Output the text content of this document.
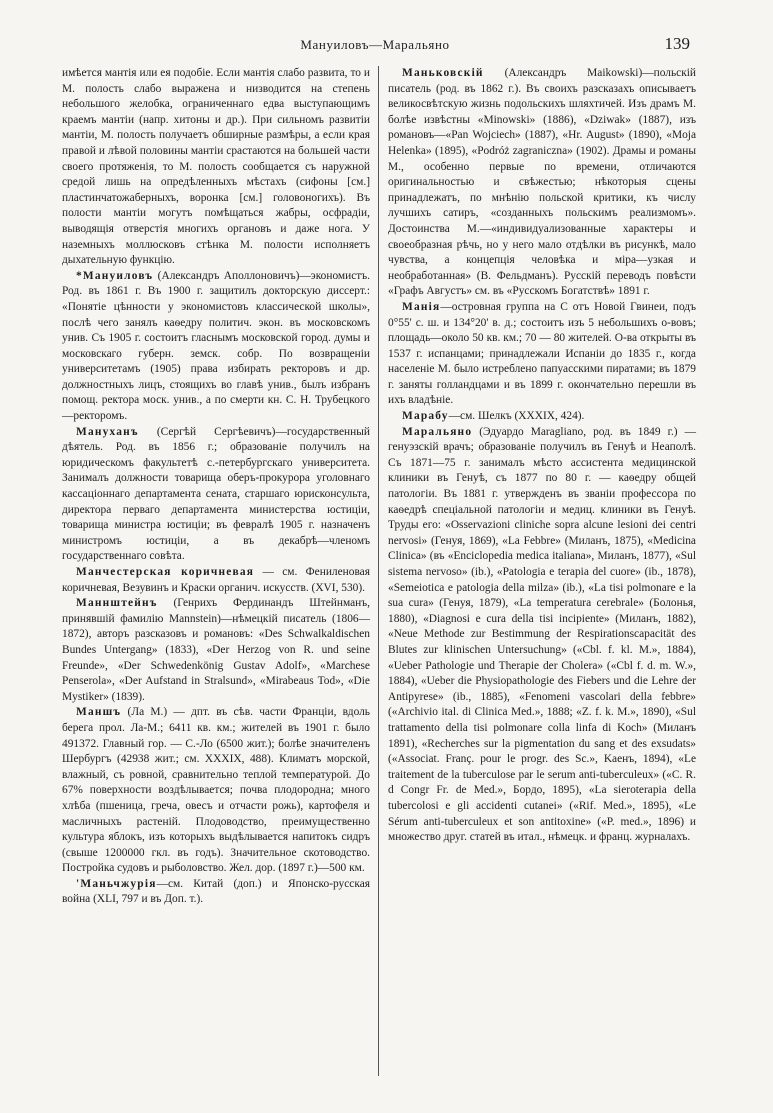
Мануиловъ—Маральяно	139

имѣется мантія или ея подобіе. Если мантія слабо развита, то и М. полость слабо выражена и низводится на степень небольшого желобка, ограниченнаго едва выступающимъ краемъ мантіи (напр. хитоны и др.). При сильномъ развитіи мантіи, М. полость получаетъ обширные размѣры, а если края правой и лѣвой половины мантіи срастаются на большей части своего протяженія, то М. полость сообщается съ наружной средой лишь на опредѣленныхъ мѣстахъ (сифоны [см.] пластинчатожаберныхъ, воронка [см.] головоногихъ). Въ полости мантіи могутъ помѣщаться жабры, осфрадіи, выводящія отверстія многихъ органовъ и даже нога. У наземныхъ моллюсковъ стѣнка М. полости исполняетъ дыхательную функцію.

*Мануиловъ (Александръ Аполлоновичъ)—экономистъ. Род. въ 1861 г. Въ 1900 г. защитилъ докторскую диссерт.: «Понятіе цѣнности у экономистовъ классической школы», послѣ чего занялъ каѳедру политич. экон. въ московскомъ унив. Съ 1905 г. состоитъ гласнымъ московской город. думы и московскаго губерн. земск. собр. По возвращеніи университетамъ (1905) права избирать ректоровъ и др. должностныхъ лицъ, стоящихъ во главѣ унив., былъ избранъ помощ. ректора моск. унив., а по смерти кн. С. Н. Трубецкого—ректоромъ.

Мануханъ (Сергѣй Сергѣевичъ)—государственный дѣятель. Род. въ 1856 г.; образованіе получилъ на юридическомъ факультетѣ с.-петербургскаго университета. Занималъ должности товарища оберъ-прокурора уголовнаго кассаціоннаго департамента сената, старшаго юрисконсульта, директора перваго департамента министерства юстиціи, товарища министра юстиціи; въ февралѣ 1905 г. назначенъ министромъ юстиціи, а въ декабрѣ—членомъ государственнаго совѣта.

Манчестерская коричневая — см. Фениленовая коричневая, Везувинъ и Краски органич. искусств. (XVI, 530).

Маннштейнъ (Генрихъ Фердинандъ Штейнманъ, принявшій фамилію Mannstein)—нѣмецкій писатель (1806—1872), авторъ разсказовъ и романовъ: «Des Schwalkaldischen Bundes Untergang» (1833), «Der Herzog von R. und seine Freunde», «Der Schwedenkönig Gustav Adolf», «Marchese Penserola», «Der Aufstand in Stralsund», «Mirabeaus Tod», «Die Mystiker» (1839).

Маншъ (Ла М.) — дпт. въ сѣв. части Франціи, вдоль берега прол. Ла-М.; 6411 кв. км.; жителей въ 1901 г. было 491372. Главный гор. — С.-Ло (6500 жит.); болѣе значителенъ Шербургъ (42938 жит.; см. XXXIX, 488). Климатъ морской, влажный, съ ровной, сравнительно теплой температурой. До 67% поверхности воздѣлывается; почва плодородна; много хлѣба (пшеница, греча, овесъ и отчасти рожь), картофеля и масличныхъ растеній. Плодоводство, преимущественно культура яблокъ, изъ которыхъ выдѣлывается напитокъ сидръ (свыше 1200000 гкл. въ годъ). Значительное скотоводство. Постройка судовъ и рыболовство. Жел. дор. (1897 г.)—500 км.

'Маньчжурія—см. Китай (доп.) и Японско-русская война (XLI, 797 и въ Доп. т.).

Маньковскій (Александръ Maikowski)—польскій писатель (род. въ 1862 г.). Въ своихъ разсказахъ описываетъ великосвѣтскую жизнь подольскихъ шляхтичей. Изъ драмъ М. болѣе извѣстны «Minowski» (1886), «Dziwak» (1887), изъ романовъ—«Pan Wojciech» (1887), «Hr. August» (1890), «Moja Helenka» (1895), «Podróż zagraniczna» (1902). Драмы и романы М., особенно первые по времени, отличаются оригинальностью и свѣжестью; нѣкоторыя сцены принадлежатъ, по мнѣнію польской критики, къ числу лучшихъ сатиръ, «созданныхъ польскимъ реализмомъ». Достоинства М.—«индивидуализованные характеры и своеобразная рѣчь, но у него мало отдѣлки въ рисункѣ, мало чувства, а концепція человѣка и міра—узкая и необработанная» (В. Фельдманъ). Русскій переводъ повѣсти «Графъ Августъ» см. въ «Русскомъ Богатствѣ» 1891 г.

Манія—островная группа на С отъ Новой Гвинеи, подъ 0°55' с. ш. и 134°20' в. д.; состоитъ изъ 5 небольшихъ о-вовъ; площадь—около 50 кв. км.; 70 — 80 жителей. О-ва открыты въ 1537 г. испанцами; принадлежали Испаніи до 1835 г., когда населеніе М. было истреблено папуасскими пиратами; въ 1879 г. заняты голландцами и въ 1899 г. окончательно перешли въ ихъ владѣніе.

Марабу—см. Шелкъ (XXXIX, 424).

Маральяно (Эдуардо Maragliano, род. въ 1849 г.) — генуэзскій врачъ; образованіе получилъ въ Генуѣ и Неаполѣ. Съ 1871—75 г. занималъ мѣсто ассистента медицинской клиники въ Генуѣ, съ 1877 по 80 г. — каѳедру общей патологіи. Въ 1881 г. утвержденъ въ званіи профессора по каѳедрѣ спеціальной патологіи и медиц. клиники въ Генуѣ. Труды его: «Osservazioni cliniche sopra alcune lesioni dei centri nervosi» (Генуя, 1869), «La Febbre» (Миланъ, 1875), «Medicina Clinica» (въ «Enciclopedia medica italiana», Миланъ, 1877), «Sul sistema nervoso» (ib.), «Patologia e terapia del cuore» (ib., 1878), «Semeiotica e patologia della milza» (ib.), «La tisi polmonare e la sua cura» (Генуя, 1879), «La temperatura cerebrale» (Болонья, 1880), «Diagnosi e cura della tisi incipiente» (Миланъ, 1882), «Neue Methode zur Bestimmung der Respirationscapacität des Blutes zur klinischen Untersuchung» («Cbl. f. kl. M.», 1884), «Ueber Pathologie und Therapie der Cholera» («Cbl f. d. m. W.», 1884), «Ueber die Physiopathologie des Fiebers und die Lehre der Antipyrese» (ib., 1885), «Fenomeni vascolari della febbre» («Archivio ital. di Clinica Med.», 1888; «Z. f. k. M.», 1890), «Sul trattamento della tisi polmonare colla linfa di Koch» (Миланъ 1891), «Recherches sur la pigmentation du sang et des exsudats» («Associat. Franç. pour le progr. des Sc.», Kaeнъ, 1894), «Le traitement de la tuberculose par le serum anti-tuberculeux» («C. R. d Congr Fr. de Med.», Бордо, 1895), «La sieroterapia della tubercolosi e gli accidenti cutanei» («Rif. Med.», 1895), «Le Sérum anti-tuberculeux et son antitoxine» («P. med.», 1896) и множество друг. статей въ итал., нѣмецк. и франц. журналахъ.
